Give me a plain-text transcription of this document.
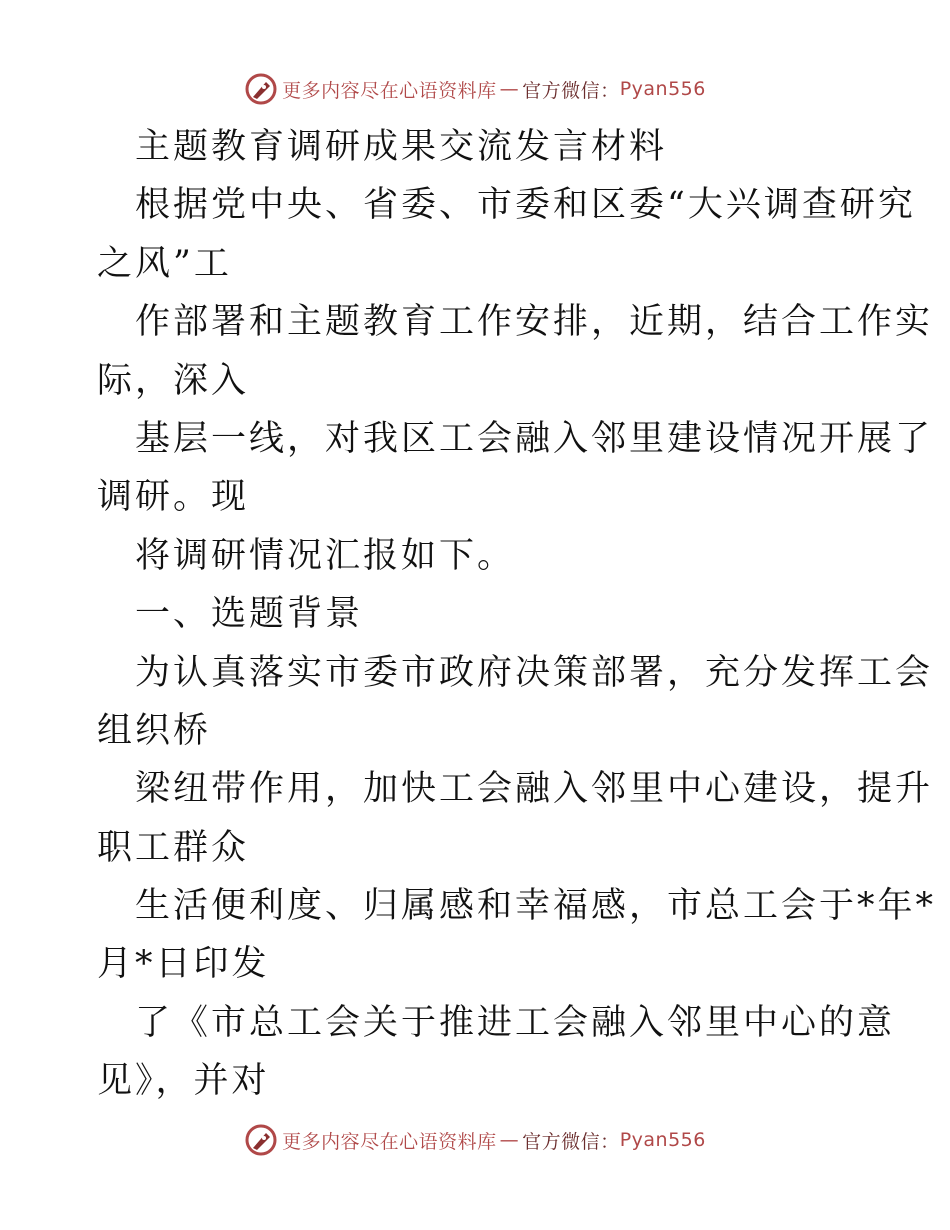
更多内容尽在心语资料库 — 官方微信： Pyan556
主题教育调研成果交流发言材料
根据党中央、省委、市委和区委“大兴调查研究
之风”工
作部署和主题教育工作安排，近期，结合工作实
际，深入
基层一线，对我区工会融入邻里建设情况开展了
调研。现
将调研情况汇报如下。
一、选题背景
为认真落实市委市政府决策部署，充分发挥工会
组织桥
梁纽带作用，加快工会融入邻里中心建设，提升
职工群众
生活便利度、归属感和幸福感，市总工会于*年*
月*日印发
了《市总工会关于推进工会融入邻里中心的意
见》，并对
更多内容尽在心语资料库 — 官方微信： Pyan556
